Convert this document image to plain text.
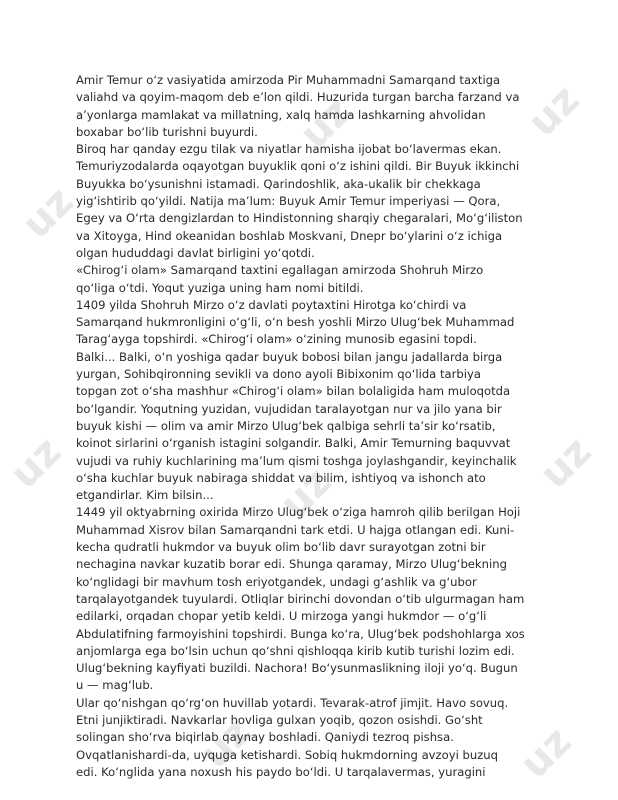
uz
uz
uz
uz	uz	uz
uz	uz

Amir Temur o‘z vasiyatida amirzoda Pir Muhammadni Samarqand taxtiga
valiahd va qoyim-maqom deb e’lon qildi. Huzurida turgan barcha farzand va
a’yonlarga mamlakat va millatning, xalq hamda lashkarning ahvolidan
boxabar bo‘lib turishni buyurdi.

Biroq har qanday ezgu tilak va niyatlar hamisha ijobat bo‘lavermas ekan.
Temuriyzodalarda oqayotgan buyuklik qoni o‘z ishini qildi. Bir Buyuk ikkinchi
Buyukka bo‘ysunishni istamadi. Qarindoshlik, aka-ukalik bir chekkaga
yig‘ishtirib qo‘yildi. Natija ma’lum: Buyuk Amir Temur imperiyasi — Qora,
Egey va O‘rta dengizlardan to Hindistonning sharqiy chegaralari, Mo‘g‘iliston
va Xitoyga, Hind okeanidan boshlab Moskvani, Dnepr bo‘ylarini o‘z ichiga
olgan hududdagi davlat birligini yo‘qotdi.

«Chirog‘i olam» Samarqand taxtini egallagan amirzoda Shohruh Mirzo
qo‘liga o‘tdi. Yoqut yuziga uning ham nomi bitildi.

1409 yilda Shohruh Mirzo o‘z davlati poytaxtini Hirotga ko‘chirdi va
Samarqand hukmronligini o‘g‘li, o‘n besh yoshli Mirzo Ulug‘bek Muhammad
Tarag‘ayga topshirdi. «Chirog‘i olam» o‘zining munosib egasini topdi.

Balki... Balki, o‘n yoshiga qadar buyuk bobosi bilan jangu jadallarda birga
yurgan, Sohibqironning sevikli va dono ayoli Bibixonim qo‘lida tarbiya
topgan zot o‘sha mashhur «Chirog‘i olam» bilan bolaligida ham muloqotda
bo‘lgandir. Yoqutning yuzidan, vujudidan taralayotgan nur va jilo yana bir
buyuk kishi — olim va amir Mirzo Ulug‘bek qalbiga sehrli ta’sir ko‘rsatib,
koinot sirlarini o‘rganish istagini solgandir. Balki, Amir Temurning baquvvat
vujudi va ruhiy kuchlarining ma’lum qismi toshga joylashgandir, keyinchalik
o‘sha kuchlar buyuk nabiraga shiddat va bilim, ishtiyoq va ishonch ato
etgandirlar. Kim bilsin...

1449 yil oktyabrning oxirida Mirzo Ulug‘bek o‘ziga hamroh qilib berilgan Hoji
Muhammad Xisrov bilan Samarqandni tark etdi. U hajga otlangan edi. Kuni-
kecha qudratli hukmdor va buyuk olim bo‘lib davr surayotgan zotni bir
nechagina navkar kuzatib borar edi. Shunga qaramay, Mirzo Ulug‘bekning
ko‘nglidagi bir mavhum tosh eriyotgandek, undagi g‘ashlik va g‘ubor
tarqalayotgandek tuyulardi. Otliqlar birinchi dovondan o‘tib ulgurmagan ham
edilarki, orqadan chopar yetib keldi. U mirzoga yangi hukmdor — o‘g‘li
Abdulatifning farmoyishini topshirdi. Bunga ko‘ra, Ulug‘bek podshohlarga xos
anjomlarga ega bo‘lsin uchun qo‘shni qishloqqa kirib kutib turishi lozim edi.
Ulug‘bekning kayfiyati buzildi. Nachora! Bo‘ysunmaslikning iloji yo‘q. Bugun
u — mag‘lub.

Ular qo‘nishgan qo‘rg‘on huvillab yotardi. Tevarak-atrof jimjit. Havo sovuq.
Etni junjiktiradi. Navkarlar hovliga gulxan yoqib, qozon osishdi. Go‘sht
solingan sho‘rva biqirlab qaynay boshladi. Qaniydi tezroq pishsa.
Ovqatlanishardi-da, uyquga ketishardi. Sobiq hukmdorning avzoyi buzuq
edi. Ko‘nglida yana noxush his paydo bo‘ldi. U tarqalavermas, yuragini
